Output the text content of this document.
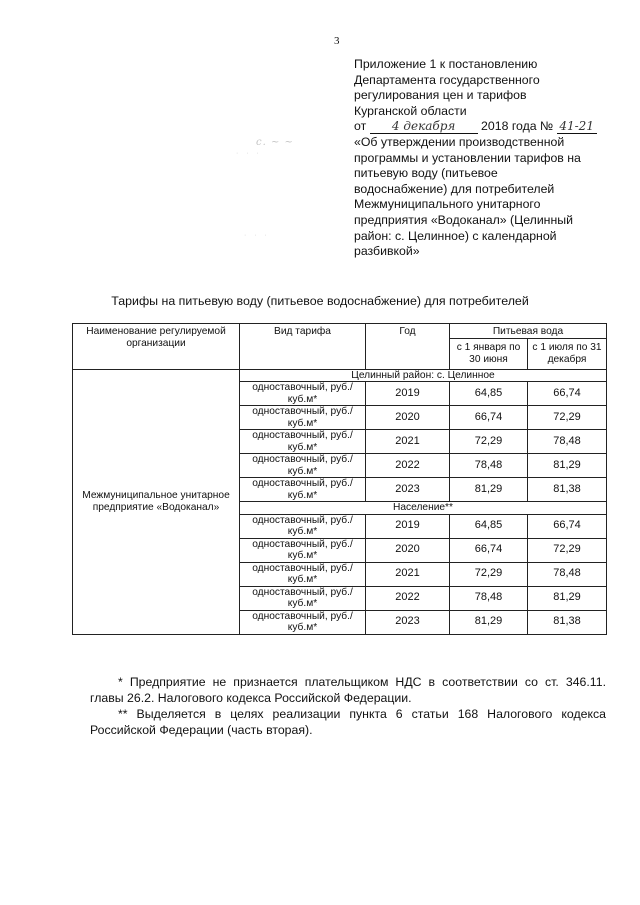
3
с. ~ ~
· · ·
· · ·
Приложение 1 к постановлению
Департамента государственного
регулирования цен и тарифов
Курганской области
от 4 декабря 2018 года № 41-21
«Об утверждении производственной
программы и установлении тарифов на
питьевую воду (питьевое
водоснабжение) для потребителей
Межмуниципального унитарного
предприятия «Водоканал» (Целинный
район: с. Целинное) с календарной
разбивкой»
Тарифы на питьевую воду (питьевое водоснабжение) для потребителей
Наименование регулируемой организации	Вид тарифа	Год	Питьевая вода	
			с 1 января по 30 июня	с 1 июля по 31 декабря
Межмуниципальное унитарное предприятие «Водоканал»	Целинный район: с. Целинное			
	одноставочный, руб./куб.м*	2019	64,85	66,74
	одноставочный, руб./куб.м*	2020	66,74	72,29
	одноставочный, руб./куб.м*	2021	72,29	78,48
	одноставочный, руб./куб.м*	2022	78,48	81,29
	одноставочный, руб./куб.м*	2023	81,29	81,38
	Население**			
	одноставочный, руб./куб.м*	2019	64,85	66,74
	одноставочный, руб./куб.м*	2020	66,74	72,29
	одноставочный, руб./куб.м*	2021	72,29	78,48
	одноставочный, руб./куб.м*	2022	78,48	81,29
	одноставочный, руб./куб.м*	2023	81,29	81,38

* Предприятие не признается плательщиком НДС в соответствии со ст. 346.11. главы 26.2. Налогового кодекса Российской Федерации.

** Выделяется в целях реализации пункта 6 статьи 168 Налогового кодекса Российской Федерации (часть вторая).
